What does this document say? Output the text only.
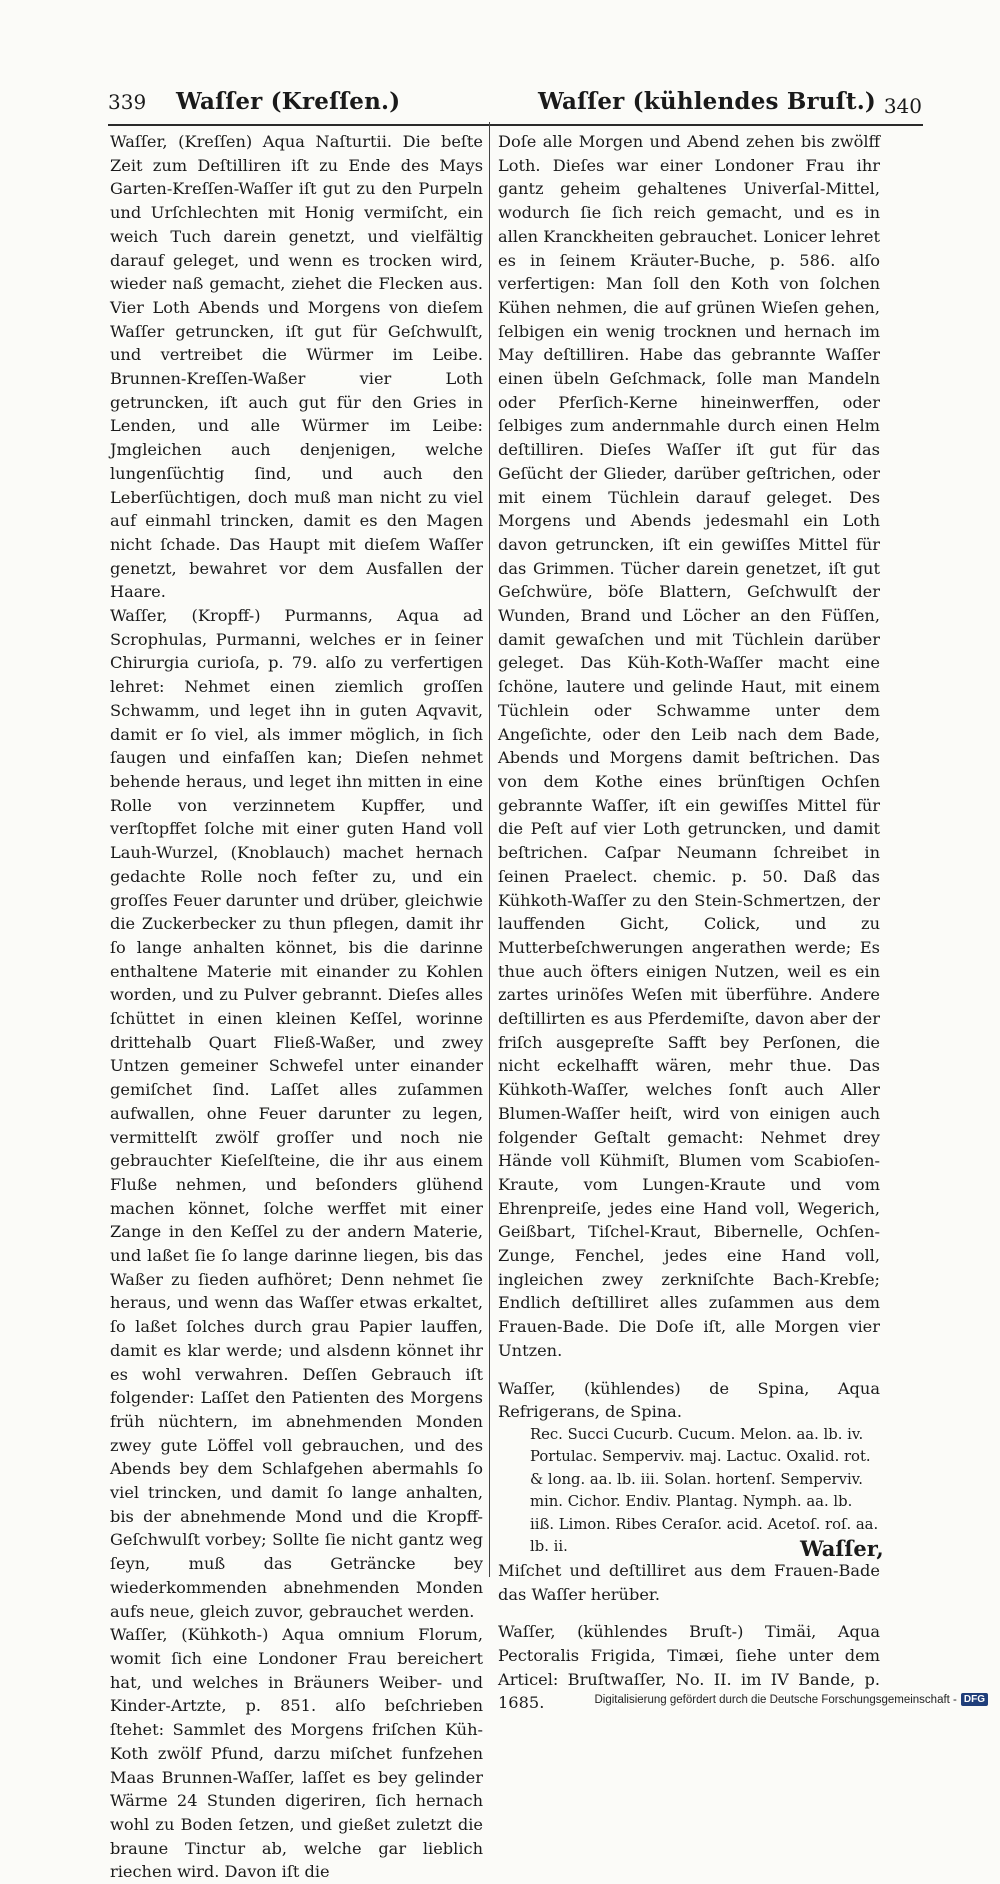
339 Waſſer (Kreſſen.)	Waſſer (kühlendes Bruſt.) 340

Waſſer, (Kreſſen) Aqua Naſturtii. Die beſte Zeit zum Deſtilliren iſt zu Ende des Mays Garten-Kreſſen-Waſſer iſt gut zu den Purpeln und Urſchlechten mit Honig vermiſcht, ein weich Tuch darein genetzt, und vielfältig darauf geleget, und wenn es trocken wird, wieder naß gemacht, ziehet die Flecken aus. Vier Loth Abends und Morgens von dieſem Waſſer getruncken, iſt gut für Geſchwulſt, und vertreibet die Würmer im Leibe. Brunnen-Kreſſen-Waßer vier Loth getruncken, iſt auch gut für den Gries in Lenden, und alle Würmer im Leibe: Jmgleichen auch denjenigen, welche lungenſüchtig ſind, und auch den Leberſüchtigen, doch muß man nicht zu viel auf einmahl trincken, damit es den Magen nicht ſchade. Das Haupt mit dieſem Waſſer genetzt, bewahret vor dem Ausfallen der Haare.

Waſſer, (Kropff-) Purmanns, Aqua ad Scrophulas, Purmanni, welches er in ſeiner Chirurgia curioſa, p. 79. alſo zu verfertigen lehret: Nehmet einen ziemlich groſſen Schwamm, und leget ihn in guten Aqvavit, damit er ſo viel, als immer möglich, in ſich ſaugen und einfaſſen kan; Dieſen nehmet behende heraus, und leget ihn mitten in eine Rolle von verzinnetem Kupffer, und verſtopffet ſolche mit einer guten Hand voll Lauh-Wurzel, (Knoblauch) machet hernach gedachte Rolle noch feſter zu, und ein groſſes Feuer darunter und drüber, gleichwie die Zuckerbecker zu thun pflegen, damit ihr ſo lange anhalten könnet, bis die darinne enthaltene Materie mit einander zu Kohlen worden, und zu Pulver gebrannt. Dieſes alles ſchüttet in einen kleinen Keſſel, worinne drittehalb Quart Fließ-Waßer, und zwey Untzen gemeiner Schwefel unter einander gemiſchet ſind. Laſſet alles zuſammen aufwallen, ohne Feuer darunter zu legen, vermittelſt zwölf groſſer und noch nie gebrauchter Kieſelſteine, die ihr aus einem Fluße nehmen, und beſonders glühend machen könnet, ſolche werffet mit einer Zange in den Keſſel zu der andern Materie, und laßet ſie ſo lange darinne liegen, bis das Waßer zu ſieden aufhöret; Denn nehmet ſie heraus, und wenn das Waſſer etwas erkaltet, ſo laßet ſolches durch grau Papier lauffen, damit es klar werde; und alsdenn könnet ihr es wohl verwahren. Deſſen Gebrauch iſt folgender: Laſſet den Patienten des Morgens früh nüchtern, im abnehmenden Monden zwey gute Löffel voll gebrauchen, und des Abends bey dem Schlafgehen abermahls ſo viel trincken, und damit ſo lange anhalten, bis der abnehmende Mond und die Kropff-Geſchwulſt vorbey; Sollte ſie nicht gantz weg ſeyn, muß das Geträncke bey wiederkommenden abnehmenden Monden aufs neue, gleich zuvor, gebrauchet werden.

Waſſer, (Kühkoth-) Aqua omnium Florum, womit ſich eine Londoner Frau bereichert hat, und welches in Bräuners Weiber- und Kinder-Artzte, p. 851. alſo beſchrieben ſtehet: Sammlet des Morgens friſchen Küh-Koth zwölf Pfund, darzu miſchet funfzehen Maas Brunnen-Waſſer, laſſet es bey gelinder Wärme 24 Stunden digeriren, ſich hernach wohl zu Boden ſetzen, und gießet zuletzt die braune Tinctur ab, welche gar lieblich riechen wird. Davon iſt die

Doſe alle Morgen und Abend zehen bis zwölff Loth. Dieſes war einer Londoner Frau ihr gantz geheim gehaltenes Univerſal-Mittel, wodurch ſie ſich reich gemacht, und es in allen Kranckheiten gebrauchet. Lonicer lehret es in ſeinem Kräuter-Buche, p. 586. alſo verfertigen: Man ſoll den Koth von ſolchen Kühen nehmen, die auf grünen Wieſen gehen, ſelbigen ein wenig trocknen und hernach im May deſtilliren. Habe das gebrannte Waſſer einen übeln Geſchmack, ſolle man Mandeln oder Pferſich-Kerne hineinwerffen, oder ſelbiges zum andernmahle durch einen Helm deſtilliren. Dieſes Waſſer iſt gut für das Geſücht der Glieder, darüber geſtrichen, oder mit einem Tüchlein darauf geleget. Des Morgens und Abends jedesmahl ein Loth davon getruncken, iſt ein gewiſſes Mittel für das Grimmen. Tücher darein genetzet, iſt gut Geſchwüre, böſe Blattern, Geſchwulſt der Wunden, Brand und Löcher an den Füſſen, damit gewaſchen und mit Tüchlein darüber geleget. Das Küh-Koth-Waſſer macht eine ſchöne, lautere und gelinde Haut, mit einem Tüchlein oder Schwamme unter dem Angeſichte, oder den Leib nach dem Bade, Abends und Morgens damit beſtrichen. Das von dem Kothe eines brünſtigen Ochſen gebrannte Waſſer, iſt ein gewiſſes Mittel für die Peſt auf vier Loth getruncken, und damit beſtrichen. Caſpar Neumann ſchreibet in ſeinen Praelect. chemic. p. 50. Daß das Kühkoth-Waſſer zu den Stein-Schmertzen, der lauffenden Gicht, Colick, und zu Mutterbeſchwerungen angerathen werde; Es thue auch öfters einigen Nutzen, weil es ein zartes urinöſes Weſen mit überführe. Andere deſtillirten es aus Pferdemiſte, davon aber der friſch ausgepreſte Safft bey Perſonen, die nicht eckelhafft wären, mehr thue. Das Kühkoth-Waſſer, welches ſonſt auch Aller Blumen-Waſſer heiſt, wird von einigen auch folgender Geſtalt gemacht: Nehmet drey Hände voll Kühmiſt, Blumen vom Scabioſen-Kraute, vom Lungen-Kraute und vom Ehrenpreiſe, jedes eine Hand voll, Wegerich, Geißbart, Tiſchel-Kraut, Bibernelle, Ochſen-Zunge, Fenchel, jedes eine Hand voll, ingleichen zwey zerkniſchte Bach-Krebſe; Endlich deſtilliret alles zuſammen aus dem Frauen-Bade. Die Doſe iſt, alle Morgen vier Untzen.

Waſſer, (kühlendes) de Spina, Aqua Refrigerans, de Spina.

Rec. Succi Cucurb. Cucum. Melon. aa. lb. iv. Portulac. Semperviv. maj. Lactuc. Oxalid. rot. & long. aa. lb. iii. Solan. hortenſ. Semperviv. min. Cichor. Endiv. Plantag. Nymph. aa. lb. iiß. Limon. Ribes Ceraſor. acid. Acetoſ. roſ. aa. lb. ii.

Miſchet und deſtilliret aus dem Frauen-Bade das Waſſer herüber.

Waſſer, (kühlendes Bruſt-) Timäi, Aqua Pectoralis Frigida, Timæi, ſiehe unter dem Articel: Bruſtwaſſer, No. II. im IV Bande, p. 1685.

Waſſer,
Digitalisierung gefördert durch die Deutsche Forschungsgemeinschaft - DFG
